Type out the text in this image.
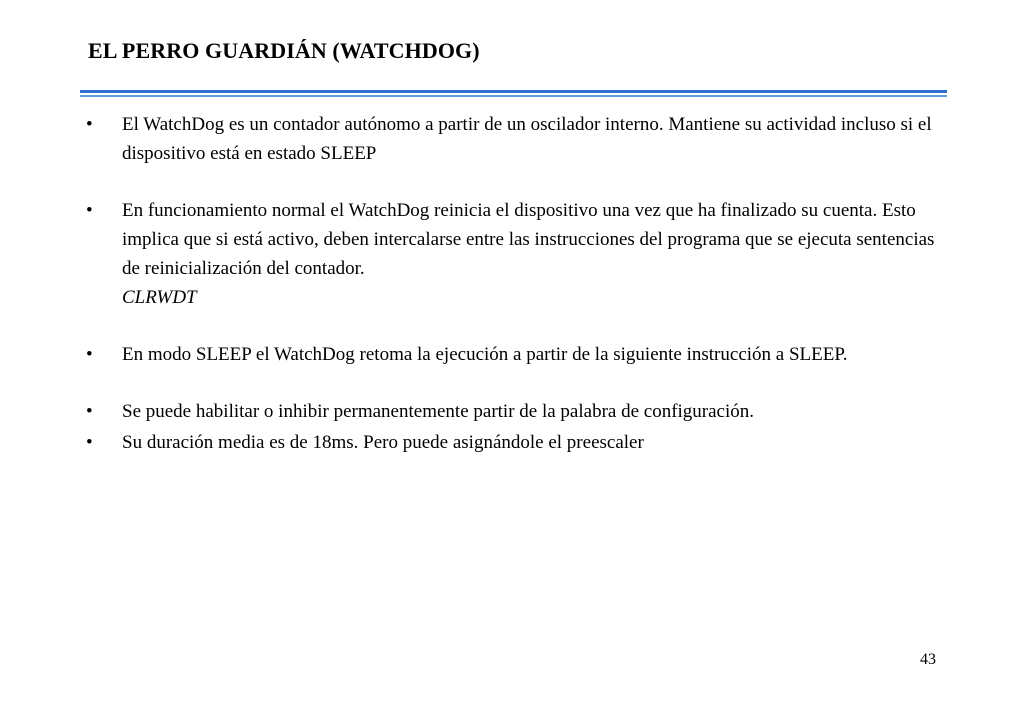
EL PERRO GUARDIÁN (WATCHDOG)
• El WatchDog es un contador autónomo a partir de un oscilador interno. Mantiene su actividad incluso si el dispositivo está en estado SLEEP
• En funcionamiento normal el WatchDog reinicia el dispositivo una vez que ha finalizado su cuenta. Esto implica que si está activo, deben intercalarse entre las instrucciones del programa que se ejecuta sentencias de reinicialización del contador.
CLRWDT
• En modo SLEEP el WatchDog retoma la ejecución a partir de la siguiente instrucción a SLEEP.
• Se puede habilitar o inhibir permanentemente partir de la palabra de configuración.
• Su duración media es de 18ms. Pero puede asignándole el preescaler
43
